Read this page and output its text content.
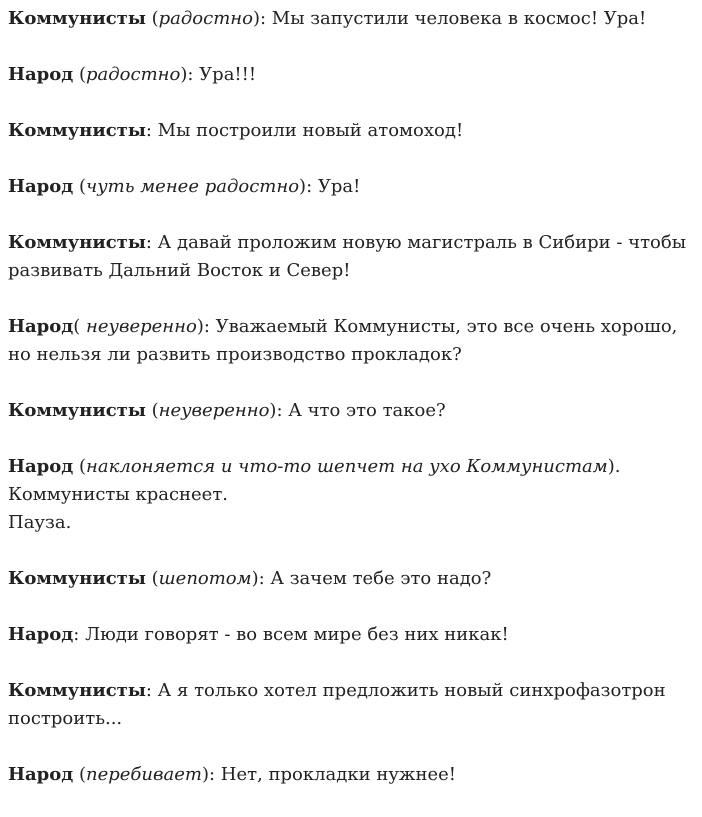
Коммунисты (радостно): Мы запустили человека в космос! Ура!

Народ (радостно): Ура!!!

Коммунисты: Мы построили новый атомоход!

Народ (чуть менее радостно): Ура!

Коммунисты: А давай проложим новую магистраль в Сибири - чтобы развивать Дальний Восток и Север!

Народ( неуверенно): Уважаемый Коммунисты, это все очень хорошо, но нельзя ли развить производство прокладок?

Коммунисты (неуверенно): А что это такое?

Народ (наклоняется и что-то шепчет на ухо Коммунистам).
Коммунисты краснеет.
Пауза.

Коммунисты (шепотом): А зачем тебе это надо?

Народ: Люди говорят - во всем мире без них никак!

Коммунисты: А я только хотел предложить новый синхрофазотрон построить...

Народ (перебивает): Нет, прокладки нужнее!
